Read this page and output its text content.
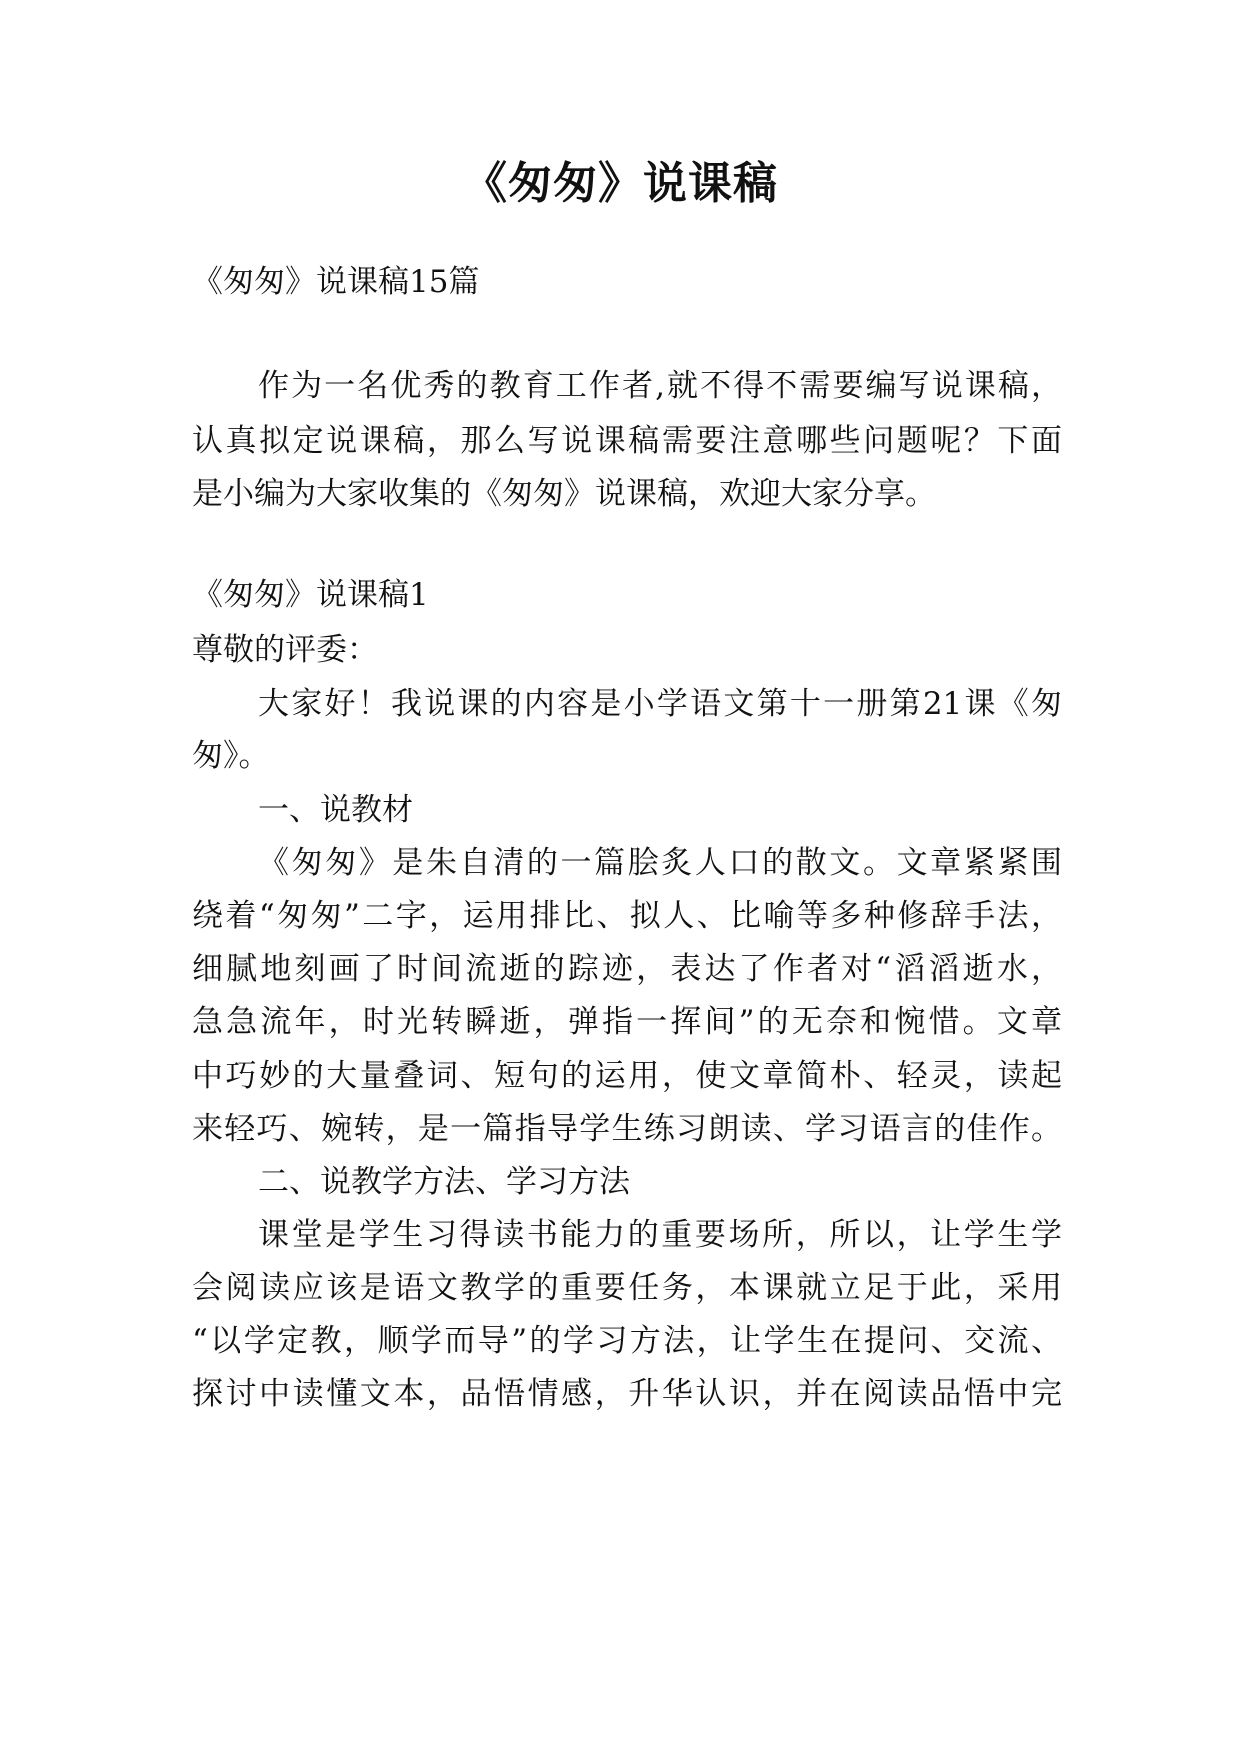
《匆匆》说课稿

《匆匆》说课稿15篇

作为一名优秀的教育工作者,就不得不需要编写说课稿，

认真拟定说课稿，那么写说课稿需要注意哪些问题呢？下面

是小编为大家收集的《匆匆》说课稿，欢迎大家分享。

《匆匆》说课稿1

尊敬的评委：

大家好！我说课的内容是小学语文第十一册第21课《匆

匆》。

一、说教材

《匆匆》是朱自清的一篇脍炙人口的散文。文章紧紧围

绕着“匆匆”二字，运用排比、拟人、比喻等多种修辞手法，

细腻地刻画了时间流逝的踪迹，表达了作者对“滔滔逝水，

急急流年，时光转瞬逝，弹指一挥间”的无奈和惋惜。文章

中巧妙的大量叠词、短句的运用，使文章简朴、轻灵，读起

来轻巧、婉转，是一篇指导学生练习朗读、学习语言的佳作。

二、说教学方法、学习方法

课堂是学生习得读书能力的重要场所，所以，让学生学

会阅读应该是语文教学的重要任务，本课就立足于此，采用

“以学定教，顺学而导”的学习方法，让学生在提问、交流、

探讨中读懂文本，品悟情感，升华认识，并在阅读品悟中完
